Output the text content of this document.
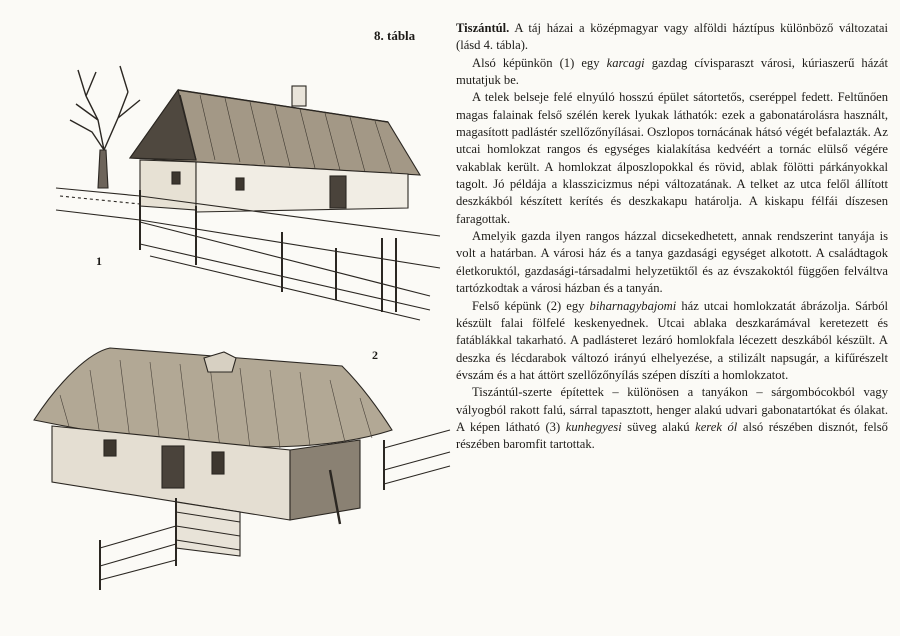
8. tábla
1
2

Tiszántúl. A táj házai a középmagyar vagy alföldi háztípus különböző változatai (lásd 4. tábla).

Alsó képünkön (1) egy karcagi gazdag cívisparaszt városi, kúriaszerű házát mutatjuk be.

A telek belseje felé elnyúló hosszú épület sátortetős, cseréppel fedett. Feltűnően magas falainak felső szélén kerek lyukak láthatók: ezek a gabonatárolásra használt, magasított padlástér szellőzőnyílásai. Oszlopos tornácának hátsó végét befalazták. Az utcai homlokzat rangos és egységes kialakítása kedvéért a tornác elülső végére vakablak került. A homlokzat álposzlopokkal és rövid, ablak fölötti párkányokkal tagolt. Jó példája a klasszicizmus népi változatának. A telket az utca felől állított deszkákból készített kerítés és deszkakapu határolja. A kiskapu félfái díszesen faragottak.

Amelyik gazda ilyen rangos házzal dicsekedhetett, annak rendszerint tanyája is volt a határban. A városi ház és a tanya gazdasági egységet alkotott. A családtagok életkoruktól, gazdasági-társadalmi helyzetüktől és az évszakoktól függően felváltva tartózkodtak a városi házban és a tanyán.

Felső képünk (2) egy biharnagybajomi ház utcai homlokzatát ábrázolja. Sárból készült falai fölfelé keskenyednek. Utcai ablaka deszkarámával keretezett és fatáblákkal takarható. A padlásteret lezáró homlokfala lécezett deszkából készült. A deszka és lécdarabok változó irányú elhelyezése, a stilizált napsugár, a kifűrészelt évszám és a hat áttört szellőzőnyílás szépen díszíti a homlokzatot.

Tiszántúl-szerte építettek – különösen a tanyákon – sárgombócokból vagy vályogból rakott falú, sárral tapasztott, henger alakú udvari gabonatartókat és ólakat. A képen látható (3) kunhegyesi süveg alakú kerek ól alsó részében disznót, felső részében baromfit tartottak.
